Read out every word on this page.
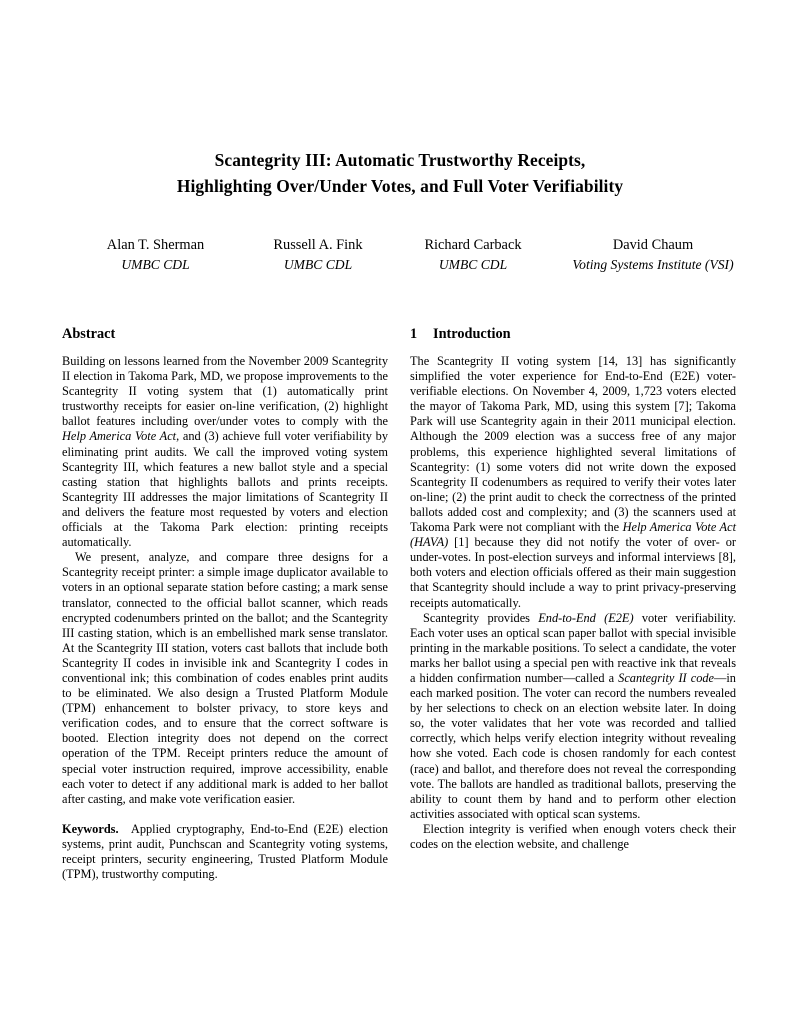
Scantegrity III: Automatic Trustworthy Receipts,
Highlighting Over/Under Votes, and Full Voter Verifiability
Alan T. Sherman
UMBC CDL
Russell A. Fink
UMBC CDL
Richard Carback
UMBC CDL
David Chaum
Voting Systems Institute (VSI)
Abstract

Building on lessons learned from the November 2009 Scantegrity II election in Takoma Park, MD, we propose improvements to the Scantegrity II voting system that (1) automatically print trustworthy receipts for easier on-line verification, (2) highlight ballot features including over/under votes to comply with the Help America Vote Act, and (3) achieve full voter verifiability by eliminating print audits. We call the improved voting system Scantegrity III, which features a new ballot style and a special casting station that highlights ballots and prints receipts. Scantegrity III addresses the major limitations of Scantegrity II and delivers the feature most requested by voters and election officials at the Takoma Park election: printing receipts automatically.

We present, analyze, and compare three designs for a Scantegrity receipt printer: a simple image duplicator available to voters in an optional separate station before casting; a mark sense translator, connected to the official ballot scanner, which reads encrypted codenumbers printed on the ballot; and the Scantegrity III casting station, which is an embellished mark sense translator. At the Scantegrity III station, voters cast ballots that include both Scantegrity II codes in invisible ink and Scantegrity I codes in conventional ink; this combination of codes enables print audits to be eliminated. We also design a Trusted Platform Module (TPM) enhancement to bolster privacy, to store keys and verification codes, and to ensure that the correct software is booted. Election integrity does not depend on the correct operation of the TPM. Receipt printers reduce the amount of special voter instruction required, improve accessibility, enable each voter to detect if any additional mark is added to her ballot after casting, and make vote verification easier.

Keywords. Applied cryptography, End-to-End (E2E) election systems, print audit, Punchscan and Scantegrity voting systems, receipt printers, security engineering, Trusted Platform Module (TPM), trustworthy computing.

1 Introduction

The Scantegrity II voting system [14, 13] has significantly simplified the voter experience for End-to-End (E2E) voter-verifiable elections. On November 4, 2009, 1,723 voters elected the mayor of Takoma Park, MD, using this system [7]; Takoma Park will use Scantegrity again in their 2011 municipal election. Although the 2009 election was a success free of any major problems, this experience highlighted several limitations of Scantegrity: (1) some voters did not write down the exposed Scantegrity II codenumbers as required to verify their votes later on-line; (2) the print audit to check the correctness of the printed ballots added cost and complexity; and (3) the scanners used at Takoma Park were not compliant with the Help America Vote Act (HAVA) [1] because they did not notify the voter of over- or under-votes. In post-election surveys and informal interviews [8], both voters and election officials offered as their main suggestion that Scantegrity should include a way to print privacy-preserving receipts automatically.

Scantegrity provides End-to-End (E2E) voter verifiability. Each voter uses an optical scan paper ballot with special invisible printing in the markable positions. To select a candidate, the voter marks her ballot using a special pen with reactive ink that reveals a hidden confirmation number—called a Scantegrity II code—in each marked position. The voter can record the numbers revealed by her selections to check on an election website later. In doing so, the voter validates that her vote was recorded and tallied correctly, which helps verify election integrity without revealing how she voted. Each code is chosen randomly for each contest (race) and ballot, and therefore does not reveal the corresponding vote. The ballots are handled as traditional ballots, preserving the ability to count them by hand and to perform other election activities associated with optical scan systems.

Election integrity is verified when enough voters check their codes on the election website, and challenge
